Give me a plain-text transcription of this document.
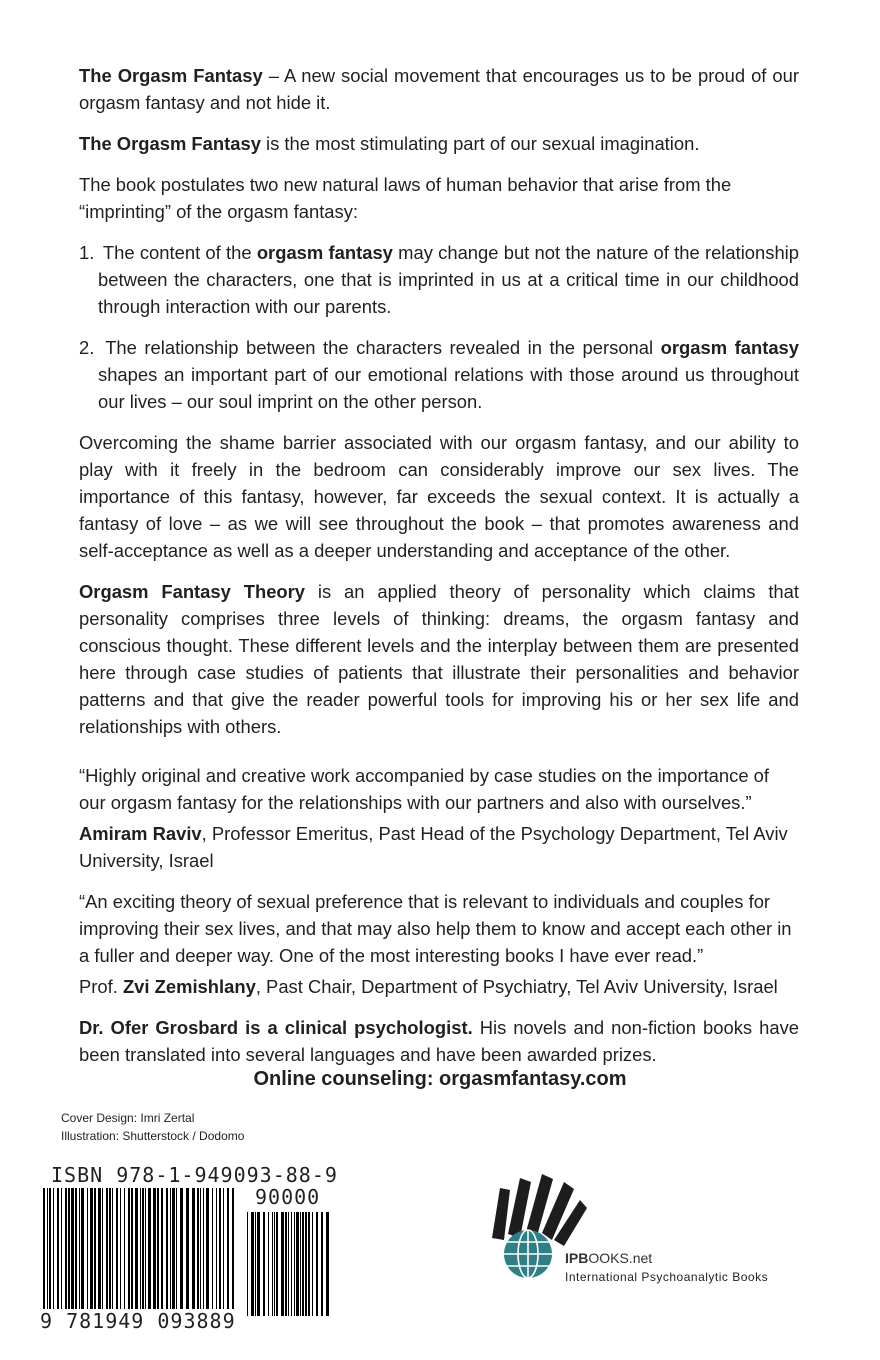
The Orgasm Fantasy – A new social movement that encourages us to be proud of our orgasm fantasy and not hide it.

The Orgasm Fantasy is the most stimulating part of our sexual imagination.

The book postulates two new natural laws of human behavior that arise from the “imprinting” of the orgasm fantasy:

1. The content of the orgasm fantasy may change but not the nature of the relationship between the characters, one that is imprinted in us at a critical time in our childhood through interaction with our parents.

2. The relationship between the characters revealed in the personal orgasm fantasy shapes an important part of our emotional relations with those around us throughout our lives – our soul imprint on the other person.

Overcoming the shame barrier associated with our orgasm fantasy, and our ability to play with it freely in the bedroom can considerably improve our sex lives. The importance of this fantasy, however, far exceeds the sexual context. It is actually a fantasy of love – as we will see throughout the book – that promotes awareness and self-acceptance as well as a deeper understanding and acceptance of the other.

Orgasm Fantasy Theory is an applied theory of personality which claims that personality comprises three levels of thinking: dreams, the orgasm fantasy and conscious thought. These different levels and the interplay between them are presented here through case studies of patients that illustrate their personalities and behavior patterns and that give the reader powerful tools for improving his or her sex life and relationships with others.

“Highly original and creative work accompanied by case studies on the importance of our orgasm fantasy for the relationships with our partners and also with ourselves.”

Amiram Raviv, Professor Emeritus, Past Head of the Psychology Department, Tel Aviv University, Israel

“An exciting theory of sexual preference that is relevant to individuals and couples for improving their sex lives, and that may also help them to know and accept each other in a fuller and deeper way. One of the most interesting books I have ever read.”

Prof. Zvi Zemishlany, Past Chair, Department of Psychiatry, Tel Aviv University, Israel

Dr. Ofer Grosbard is a clinical psychologist. His novels and non-fiction books have been translated into several languages and have been awarded prizes.

Online counseling: orgasmfantasy.com
Cover Design: Imri Zertal
Illustration: Shutterstock / Dodomo
ISBN 978-1-949093-88-9
90000
9 781949 093889
IPBOOKS.net
International Psychoanalytic Books
